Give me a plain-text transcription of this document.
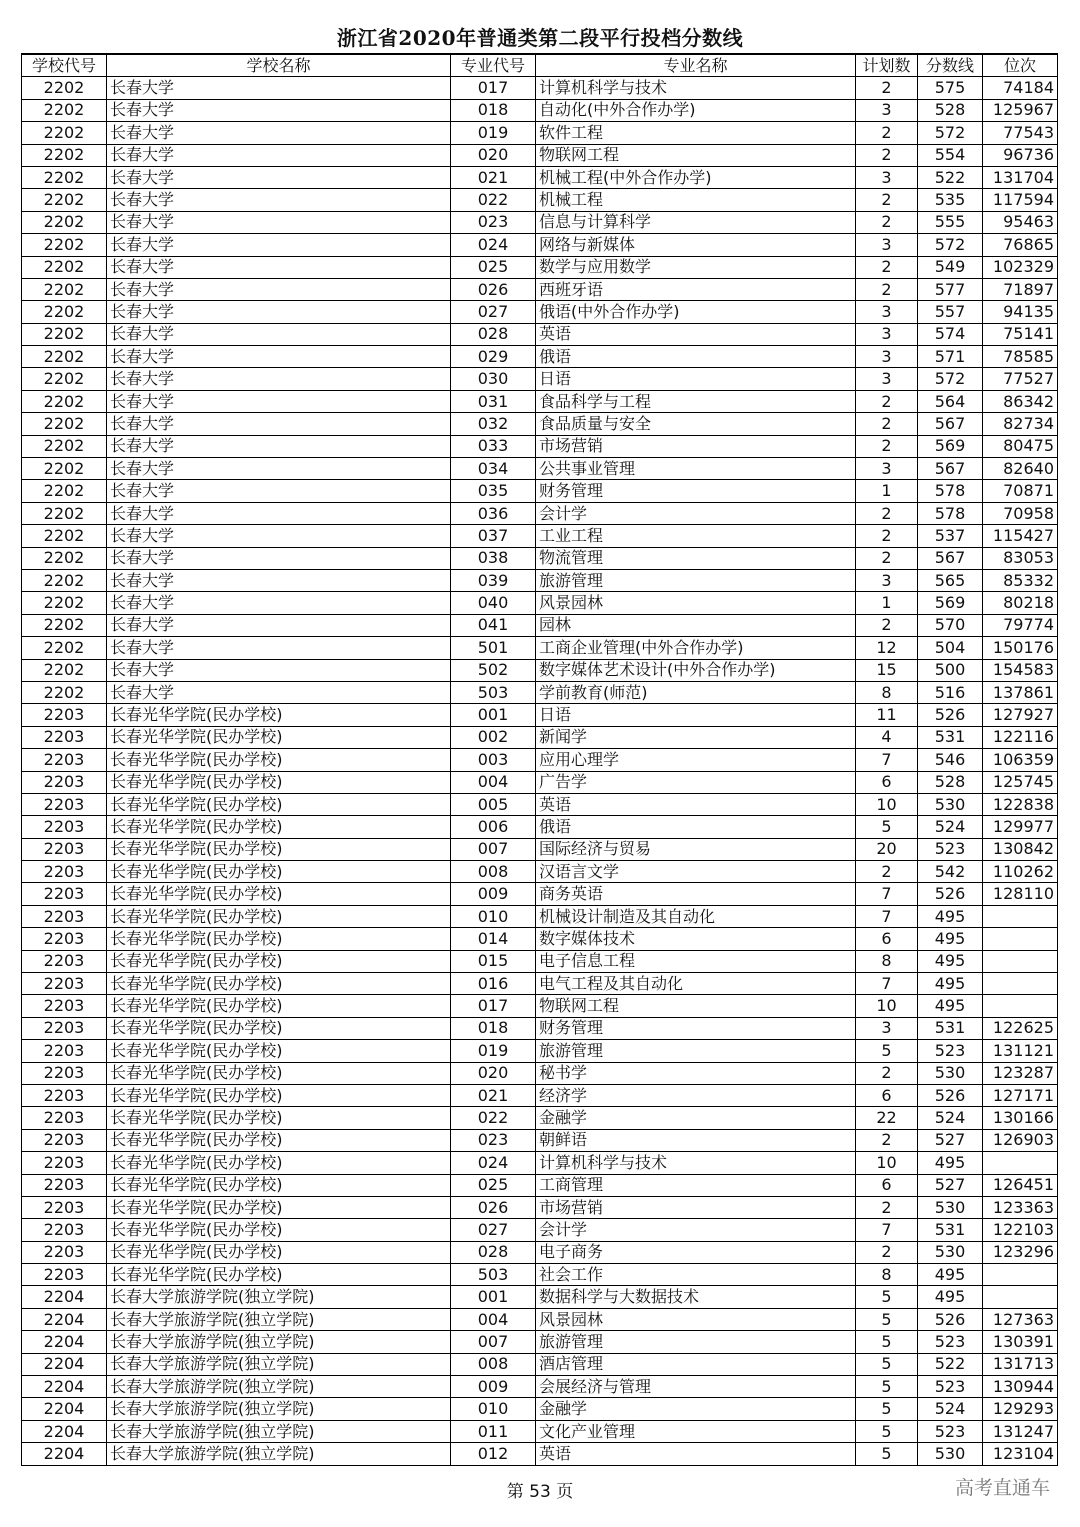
浙江省2020年普通类第二段平行投档分数线
学校代号	学校名称	专业代号	专业名称	计划数	分数线	位次
2202	长春大学	017	计算机科学与技术	2	575	74184
2202	长春大学	018	自动化(中外合作办学)	3	528	125967
2202	长春大学	019	软件工程	2	572	77543
2202	长春大学	020	物联网工程	2	554	96736
2202	长春大学	021	机械工程(中外合作办学)	3	522	131704
2202	长春大学	022	机械工程	2	535	117594
2202	长春大学	023	信息与计算科学	2	555	95463
2202	长春大学	024	网络与新媒体	3	572	76865
2202	长春大学	025	数学与应用数学	2	549	102329
2202	长春大学	026	西班牙语	2	577	71897
2202	长春大学	027	俄语(中外合作办学)	3	557	94135
2202	长春大学	028	英语	3	574	75141
2202	长春大学	029	俄语	3	571	78585
2202	长春大学	030	日语	3	572	77527
2202	长春大学	031	食品科学与工程	2	564	86342
2202	长春大学	032	食品质量与安全	2	567	82734
2202	长春大学	033	市场营销	2	569	80475
2202	长春大学	034	公共事业管理	3	567	82640
2202	长春大学	035	财务管理	1	578	70871
2202	长春大学	036	会计学	2	578	70958
2202	长春大学	037	工业工程	2	537	115427
2202	长春大学	038	物流管理	2	567	83053
2202	长春大学	039	旅游管理	3	565	85332
2202	长春大学	040	风景园林	1	569	80218
2202	长春大学	041	园林	2	570	79774
2202	长春大学	501	工商企业管理(中外合作办学)	12	504	150176
2202	长春大学	502	数字媒体艺术设计(中外合作办学)	15	500	154583
2202	长春大学	503	学前教育(师范)	8	516	137861
2203	长春光华学院(民办学校)	001	日语	11	526	127927
2203	长春光华学院(民办学校)	002	新闻学	4	531	122116
2203	长春光华学院(民办学校)	003	应用心理学	7	546	106359
2203	长春光华学院(民办学校)	004	广告学	6	528	125745
2203	长春光华学院(民办学校)	005	英语	10	530	122838
2203	长春光华学院(民办学校)	006	俄语	5	524	129977
2203	长春光华学院(民办学校)	007	国际经济与贸易	20	523	130842
2203	长春光华学院(民办学校)	008	汉语言文学	2	542	110262
2203	长春光华学院(民办学校)	009	商务英语	7	526	128110
2203	长春光华学院(民办学校)	010	机械设计制造及其自动化	7	495	
2203	长春光华学院(民办学校)	014	数字媒体技术	6	495	
2203	长春光华学院(民办学校)	015	电子信息工程	8	495	
2203	长春光华学院(民办学校)	016	电气工程及其自动化	7	495	
2203	长春光华学院(民办学校)	017	物联网工程	10	495	
2203	长春光华学院(民办学校)	018	财务管理	3	531	122625
2203	长春光华学院(民办学校)	019	旅游管理	5	523	131121
2203	长春光华学院(民办学校)	020	秘书学	2	530	123287
2203	长春光华学院(民办学校)	021	经济学	6	526	127171
2203	长春光华学院(民办学校)	022	金融学	22	524	130166
2203	长春光华学院(民办学校)	023	朝鲜语	2	527	126903
2203	长春光华学院(民办学校)	024	计算机科学与技术	10	495	
2203	长春光华学院(民办学校)	025	工商管理	6	527	126451
2203	长春光华学院(民办学校)	026	市场营销	2	530	123363
2203	长春光华学院(民办学校)	027	会计学	7	531	122103
2203	长春光华学院(民办学校)	028	电子商务	2	530	123296
2203	长春光华学院(民办学校)	503	社会工作	8	495	
2204	长春大学旅游学院(独立学院)	001	数据科学与大数据技术	5	495	
2204	长春大学旅游学院(独立学院)	004	风景园林	5	526	127363
2204	长春大学旅游学院(独立学院)	007	旅游管理	5	523	130391
2204	长春大学旅游学院(独立学院)	008	酒店管理	5	522	131713
2204	长春大学旅游学院(独立学院)	009	会展经济与管理	5	523	130944
2204	长春大学旅游学院(独立学院)	010	金融学	5	524	129293
2204	长春大学旅游学院(独立学院)	011	文化产业管理	5	523	131247
2204	长春大学旅游学院(独立学院)	012	英语	5	530	123104
第 53 页	高考直通车
